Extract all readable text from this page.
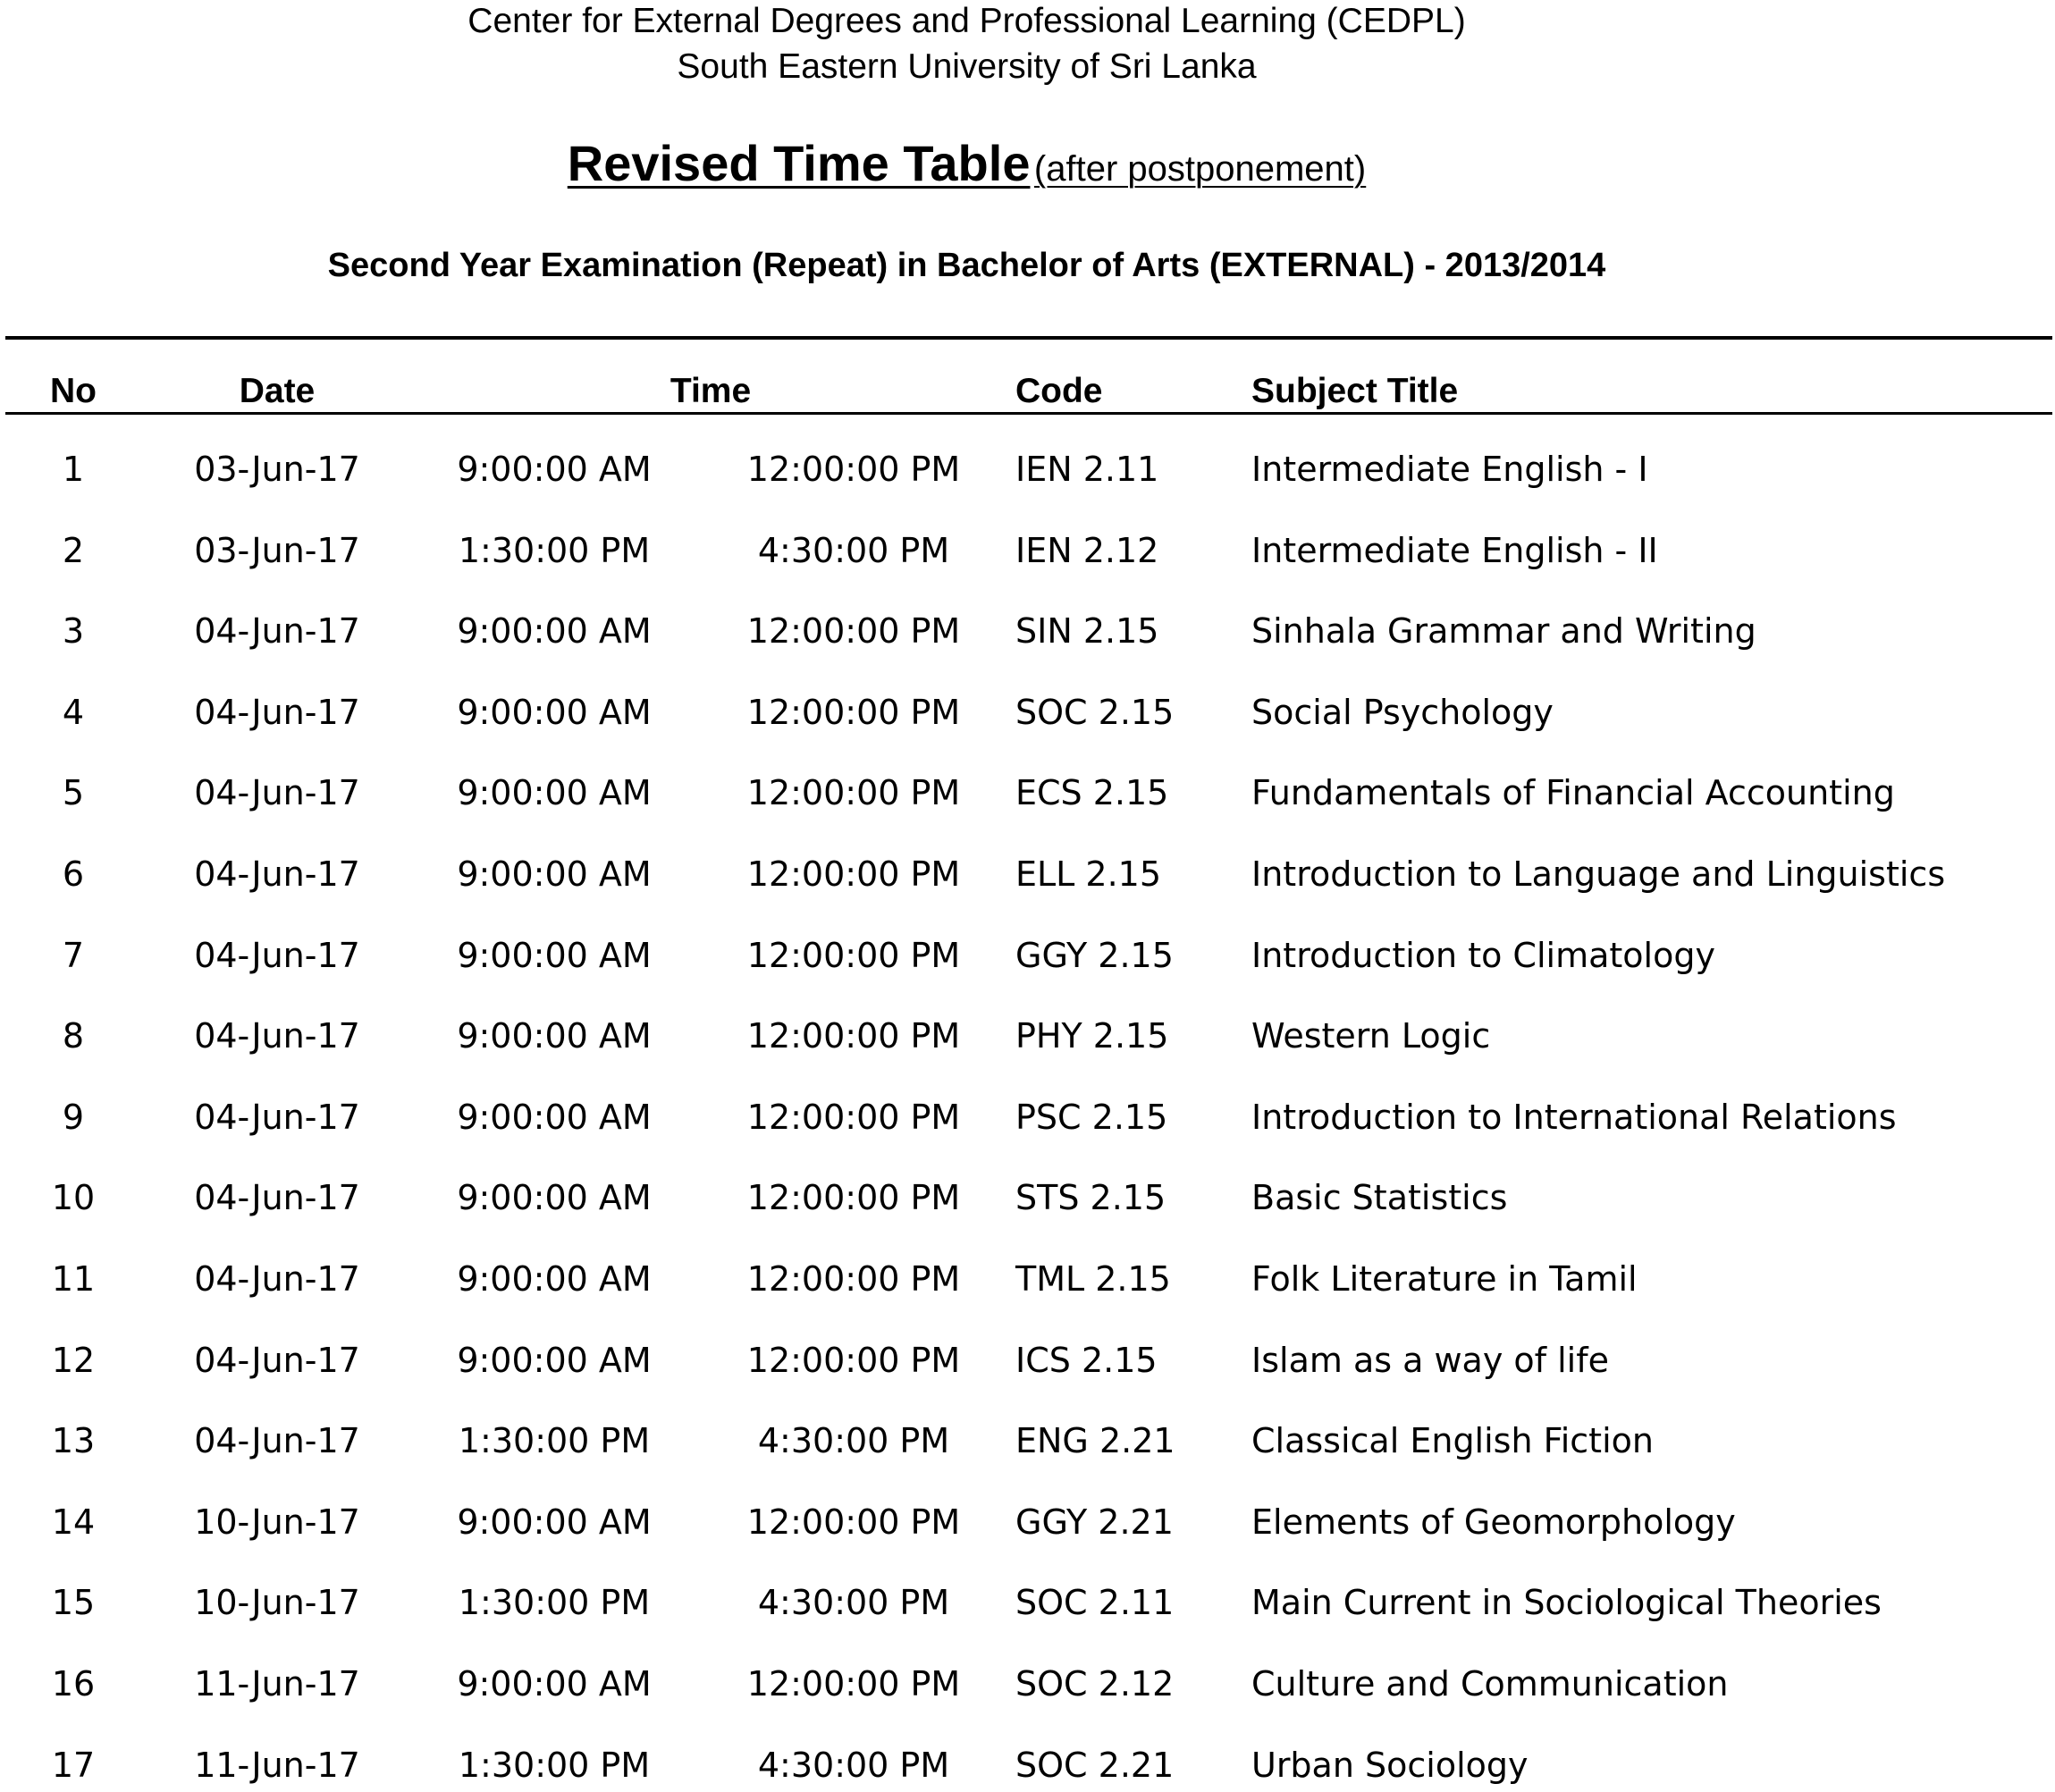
Center for External Degrees and Professional Learning (CEDPL)
South Eastern University of Sri Lanka
Revised Time Table (after postponement)
Second Year Examination (Repeat) in Bachelor of Arts (EXTERNAL) - 2013/2014
No	Date	Time	Code	Subject Title
1	03-Jun-17	9:00:00 AM	12:00:00 PM	IEN 2.11	Intermediate English - I
2	03-Jun-17	1:30:00 PM	4:30:00 PM	IEN 2.12	Intermediate English - II
3	04-Jun-17	9:00:00 AM	12:00:00 PM	SIN 2.15	Sinhala Grammar and Writing
4	04-Jun-17	9:00:00 AM	12:00:00 PM	SOC 2.15	Social Psychology
5	04-Jun-17	9:00:00 AM	12:00:00 PM	ECS 2.15	Fundamentals of Financial Accounting
6	04-Jun-17	9:00:00 AM	12:00:00 PM	ELL 2.15	Introduction to Language and Linguistics
7	04-Jun-17	9:00:00 AM	12:00:00 PM	GGY 2.15	Introduction to Climatology
8	04-Jun-17	9:00:00 AM	12:00:00 PM	PHY 2.15	Western Logic
9	04-Jun-17	9:00:00 AM	12:00:00 PM	PSC 2.15	Introduction to International Relations
10	04-Jun-17	9:00:00 AM	12:00:00 PM	STS 2.15	Basic Statistics
11	04-Jun-17	9:00:00 AM	12:00:00 PM	TML 2.15	Folk Literature in Tamil
12	04-Jun-17	9:00:00 AM	12:00:00 PM	ICS 2.15	Islam as a way of life
13	04-Jun-17	1:30:00 PM	4:30:00 PM	ENG 2.21	Classical English Fiction
14	10-Jun-17	9:00:00 AM	12:00:00 PM	GGY 2.21	Elements of Geomorphology
15	10-Jun-17	1:30:00 PM	4:30:00 PM	SOC 2.11	Main Current in Sociological Theories
16	11-Jun-17	9:00:00 AM	12:00:00 PM	SOC 2.12	Culture and Communication
17	11-Jun-17	1:30:00 PM	4:30:00 PM	SOC 2.21	Urban Sociology
